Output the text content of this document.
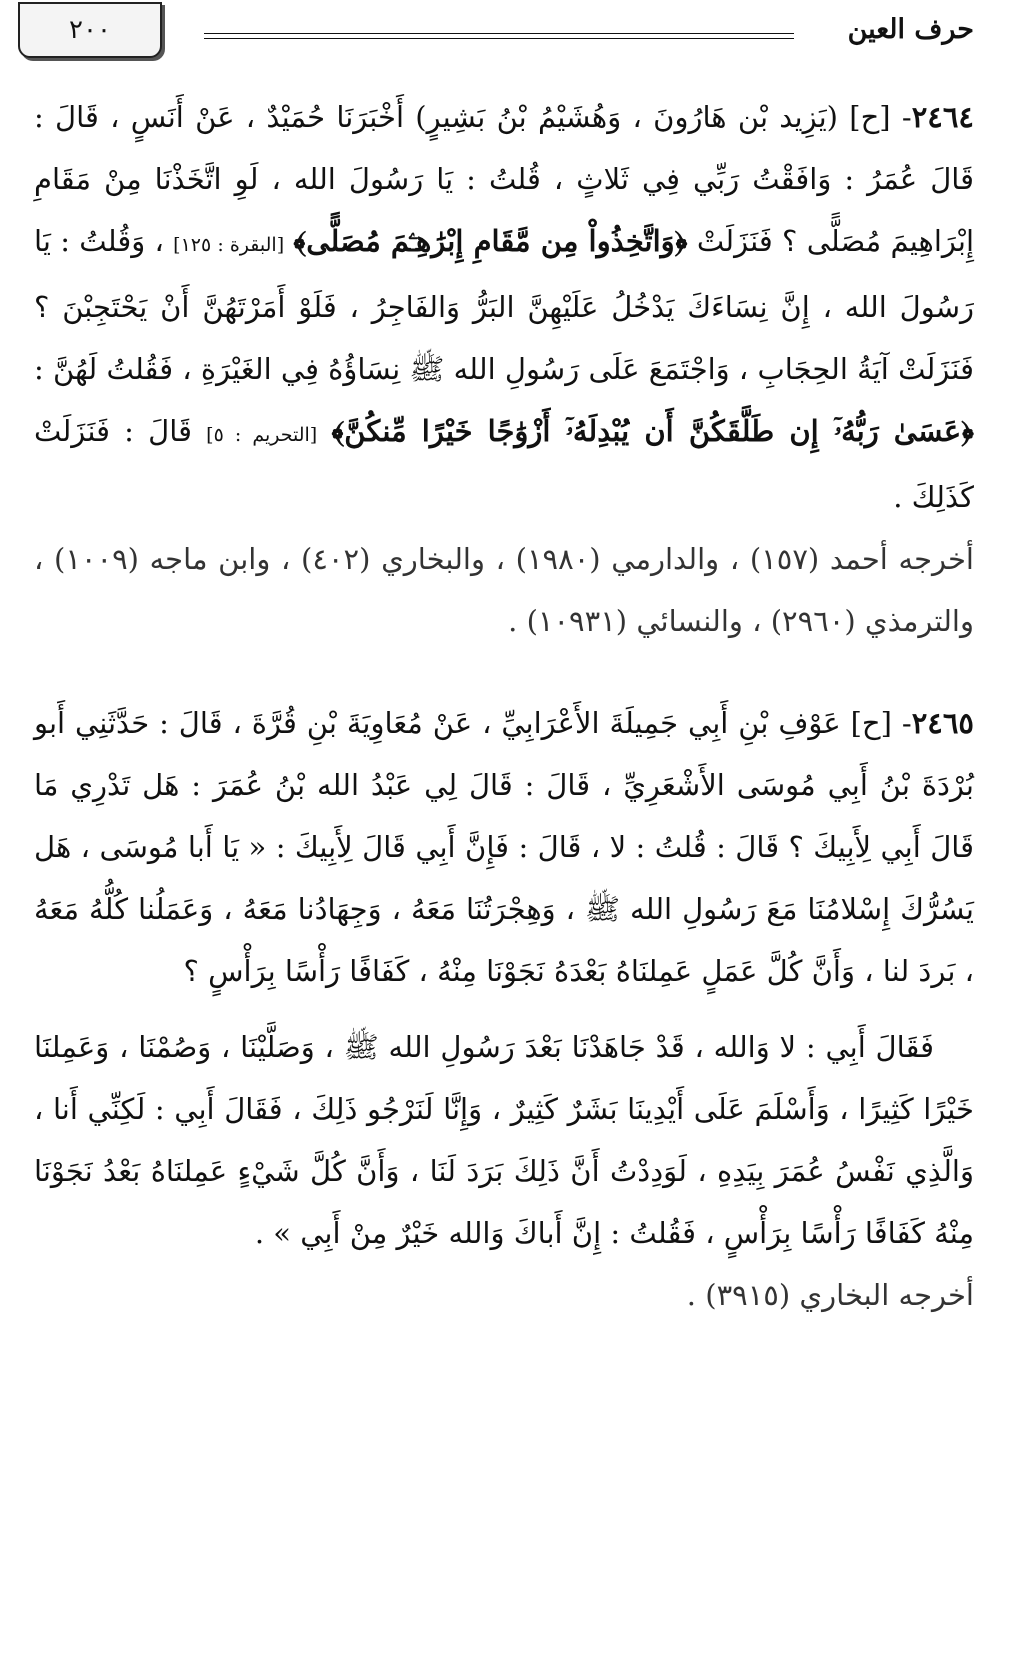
حرف العين
٢٠٠

٢٤٦٤- [ح] (يَزِيد بْن هَارُونَ ، وَهُشَيْمُ بْنُ بَشِيرٍ) أَخْبَرَنَا حُمَيْدٌ ، عَنْ أَنَسٍ ، قَالَ : قَالَ عُمَرُ : وَافَقْتُ رَبِّي فِي ثَلاثٍ ، قُلتُ : يَا رَسُولَ الله ، لَوِ اتَّخَذْنَا مِنْ مَقَامِ إِبْرَاهِيمَ مُصَلًّى ؟ فَنَزَلَتْ ﴿وَاتَّخِذُواْ مِن مَّقَامِ إِبْرَٰهِـۧمَ مُصَلًّى﴾ [البقرة : ١٢٥] ، وَقُلتُ : يَا رَسُولَ الله ، إِنَّ نِسَاءَكَ يَدْخُلُ عَلَيْهِنَّ البَرُّ وَالفَاجِرُ ، فَلَوْ أَمَرْتَهُنَّ أَنْ يَحْتَجِبْنَ ؟ فَنَزَلَتْ آيَةُ الحِجَابِ ، وَاجْتَمَعَ عَلَى رَسُولِ الله ﷺ نِسَاؤُهُ فِي الغَيْرَةِ ، فَقُلتُ لَهُنَّ : ﴿عَسَىٰ رَبُّهُۥٓ إِن طَلَّقَكُنَّ أَن يُبْدِلَهُۥٓ أَزْوَٰجًا خَيْرًا مِّنكُنَّ﴾ [التحريم : ٥] قَالَ : فَنَزَلَتْ كَذَلِكَ .

أخرجه أحمد (١٥٧) ، والدارمي (١٩٨٠) ، والبخاري (٤٠٢) ، وابن ماجه (١٠٠٩) ، والترمذي (٢٩٦٠) ، والنسائي (١٠٩٣١) .

٢٤٦٥- [ح] عَوْفِ بْنِ أَبِي جَمِيلَةَ الأَعْرَابِيِّ ، عَنْ مُعَاوِيَةَ بْنِ قُرَّةَ ، قَالَ : حَدَّثَنِي أَبو بُرْدَةَ بْنُ أَبِي مُوسَى الأَشْعَرِيِّ ، قَالَ : قَالَ لِي عَبْدُ الله بْنُ عُمَرَ : هَل تَدْرِي مَا قَالَ أَبِي لِأَبِيكَ ؟ قَالَ : قُلتُ : لا ، قَالَ : فَإِنَّ أَبِي قَالَ لِأَبِيكَ : « يَا أَبا مُوسَى ، هَل يَسُرُّكَ إِسْلامُنَا مَعَ رَسُولِ الله ﷺ ، وَهِجْرَتُنَا مَعَهُ ، وَجِهَادُنا مَعَهُ ، وَعَمَلُنا كُلُّهُ مَعَهُ ، بَردَ لنا ، وَأَنَّ كُلَّ عَمَلٍ عَمِلنَاهُ بَعْدَهُ نَجَوْنَا مِنْهُ ، كَفَافًا رَأْسًا بِرَأْسٍ ؟

فَقَالَ أَبِي : لا وَالله ، قَدْ جَاهَدْنَا بَعْدَ رَسُولِ الله ﷺ ، وَصَلَّيْنَا ، وَصُمْنَا ، وَعَمِلنَا خَيْرًا كَثِيرًا ، وَأَسْلَمَ عَلَى أَيْدِينَا بَشَرٌ كَثِيرٌ ، وَإِنَّا لَنَرْجُو ذَلِكَ ، فَقَالَ أَبِي : لَكِنِّي أَنا ، وَالَّذِي نَفْسُ عُمَرَ بِيَدِهِ ، لَوَدِدْتُ أَنَّ ذَلِكَ بَرَدَ لَنَا ، وَأَنَّ كُلَّ شَيْءٍ عَمِلنَاهُ بَعْدُ نَجَوْنَا مِنْهُ كَفَافًا رَأْسًا بِرَأْسٍ ، فَقُلتُ : إِنَّ أَباكَ وَالله خَيْرٌ مِنْ أَبِي » .

أخرجه البخاري (٣٩١٥) .
